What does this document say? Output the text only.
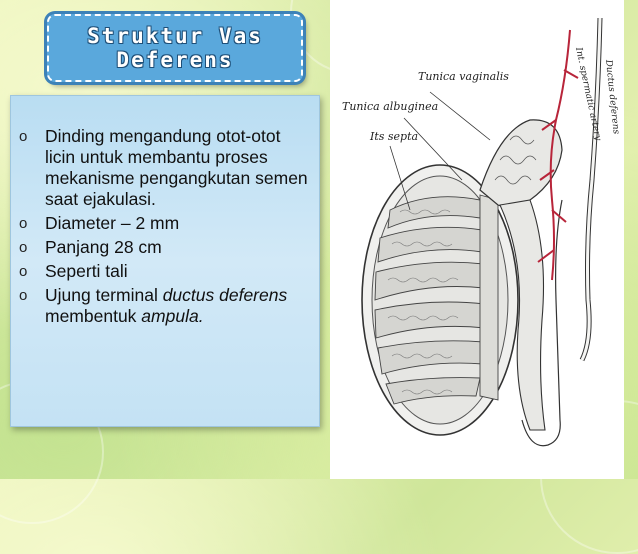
Struktur Vas
Deferens
o Dinding mengandung otot-otot licin untuk membantu proses mekanisme pengangkutan semen saat ejakulasi.
o Diameter – 2 mm
o Panjang 28 cm
o Seperti tali
o Ujung terminal ductus deferens membentuk ampula.
Tunica vaginalis
Tunica albuginea
Its septa	Int. spermatic artery Ductus deferens
